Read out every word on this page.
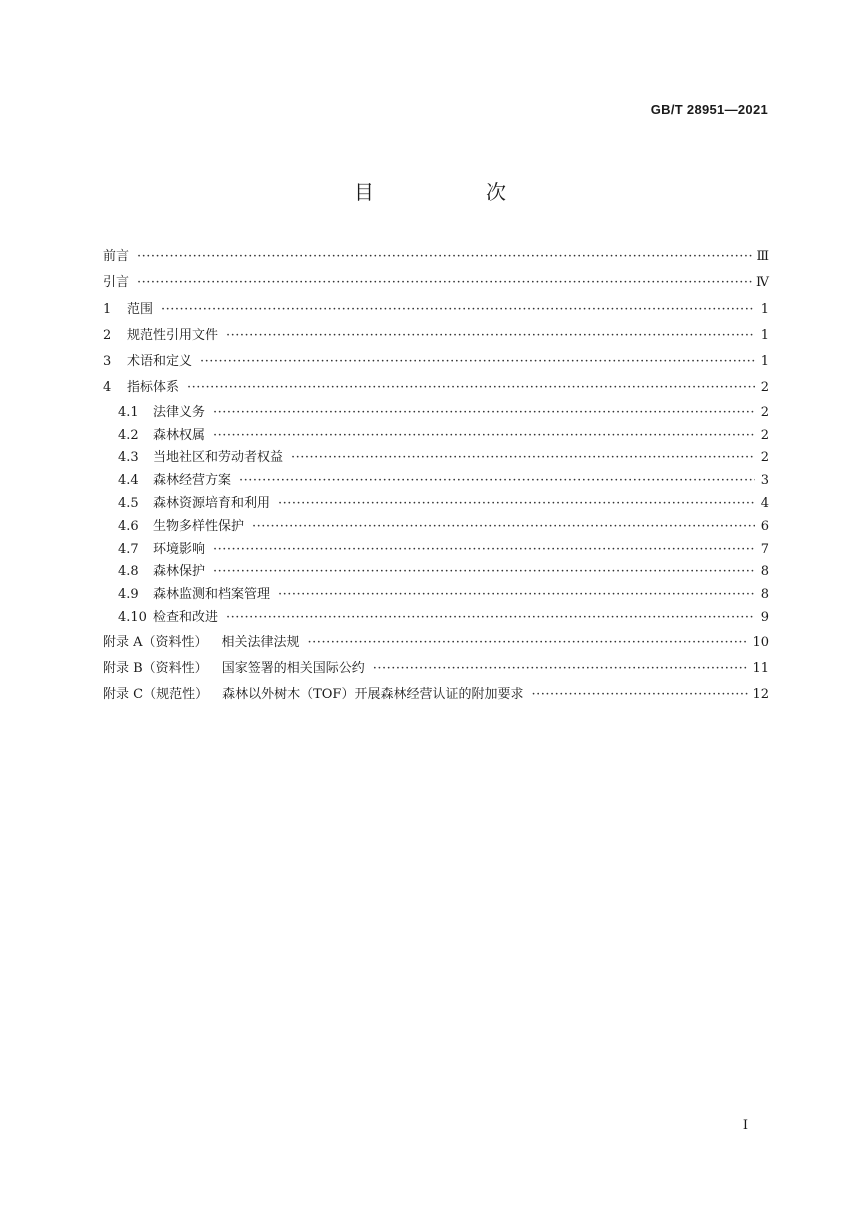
GB/T 28951—2021
目　次
前言 ·····	Ⅲ
引言 ·····	Ⅳ
1	范围 ·····	1
2	规范性引用文件 ·····	1
3	术语和定义 ·····	1
4	指标体系 ·····	2
4.1	法律义务 ·····	2
4.2	森林权属 ·····	2
4.3	当地社区和劳动者权益 ·····	2
4.4	森林经营方案 ·····	3
4.5	森林资源培育和利用 ·····	4
4.6	生物多样性保护 ·····	6
4.7	环境影响 ·····	7
4.8	森林保护 ·····	8
4.9	森林监测和档案管理 ·····	8
4.10 检查和改进 ·····	9
附录 A（资料性） 相关法律法规 ·····	10
附录 B（资料性） 国家签署的相关国际公约 ·····	11
附录 C（规范性） 森林以外树木（TOF）开展森林经营认证的附加要求 ·····	12
I
